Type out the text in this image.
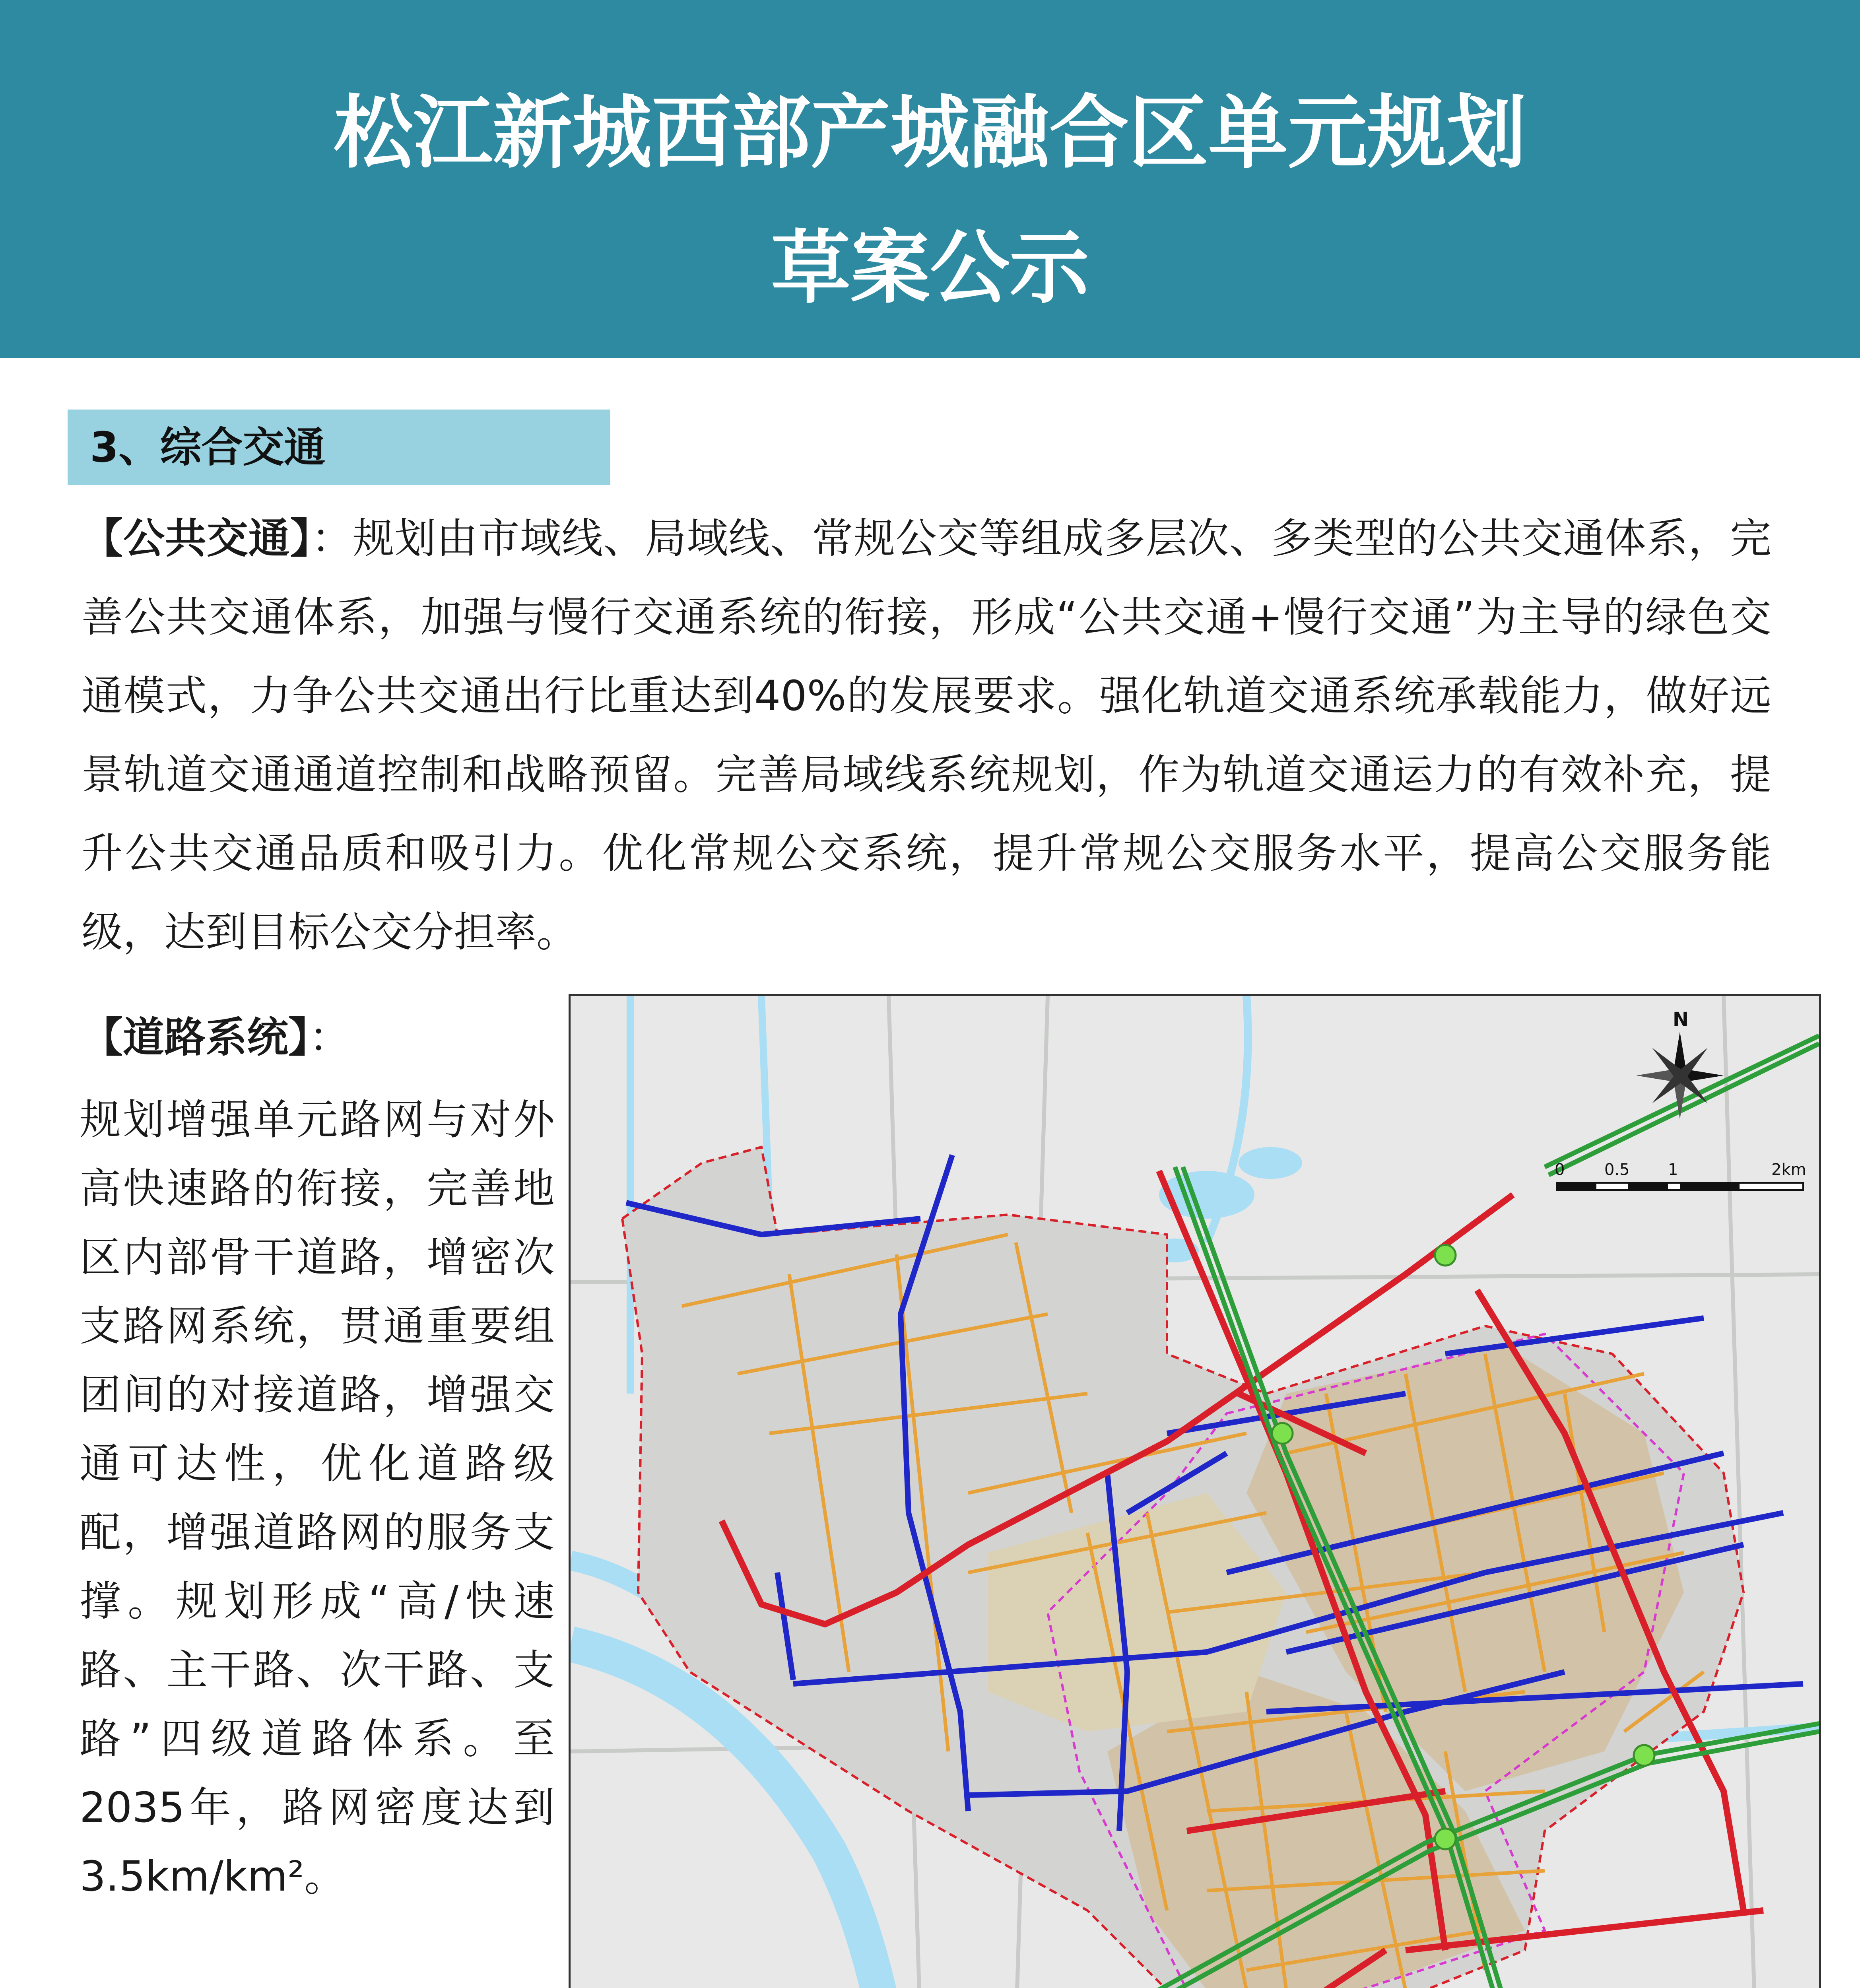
松江新城西部产城融合区单元规划
草案公示
3、综合交通
【公共交通】：规划由市域线、局域线、常规公交等组成多层次、多类型的公共交通体系，完善公共交通体系，加强与慢行交通系统的衔接，形成“公共交通+慢行交通”为主导的绿色交通模式，力争公共交通出行比重达到40%的发展要求。强化轨道交通系统承载能力，做好远景轨道交通通道控制和战略预留。完善局域线系统规划，作为轨道交通运力的有效补充，提升公共交通品质和吸引力。优化常规公交系统，提升常规公交服务水平，提高公交服务能级，达到目标公交分担率。
【道路系统】：
规划增强单元路网与对外高快速路的衔接，完善地区内部骨干道路，增密次支路网系统，贯通重要组团间的对接道路，增强交通可达性，优化道路级配，增强道路网的服务支撑。规划形成“高/快速路、主干路、次干路、支路”四级道路体系。至2035年，路网密度达到3.5km/km²。
N
0 0.5 1	2km
